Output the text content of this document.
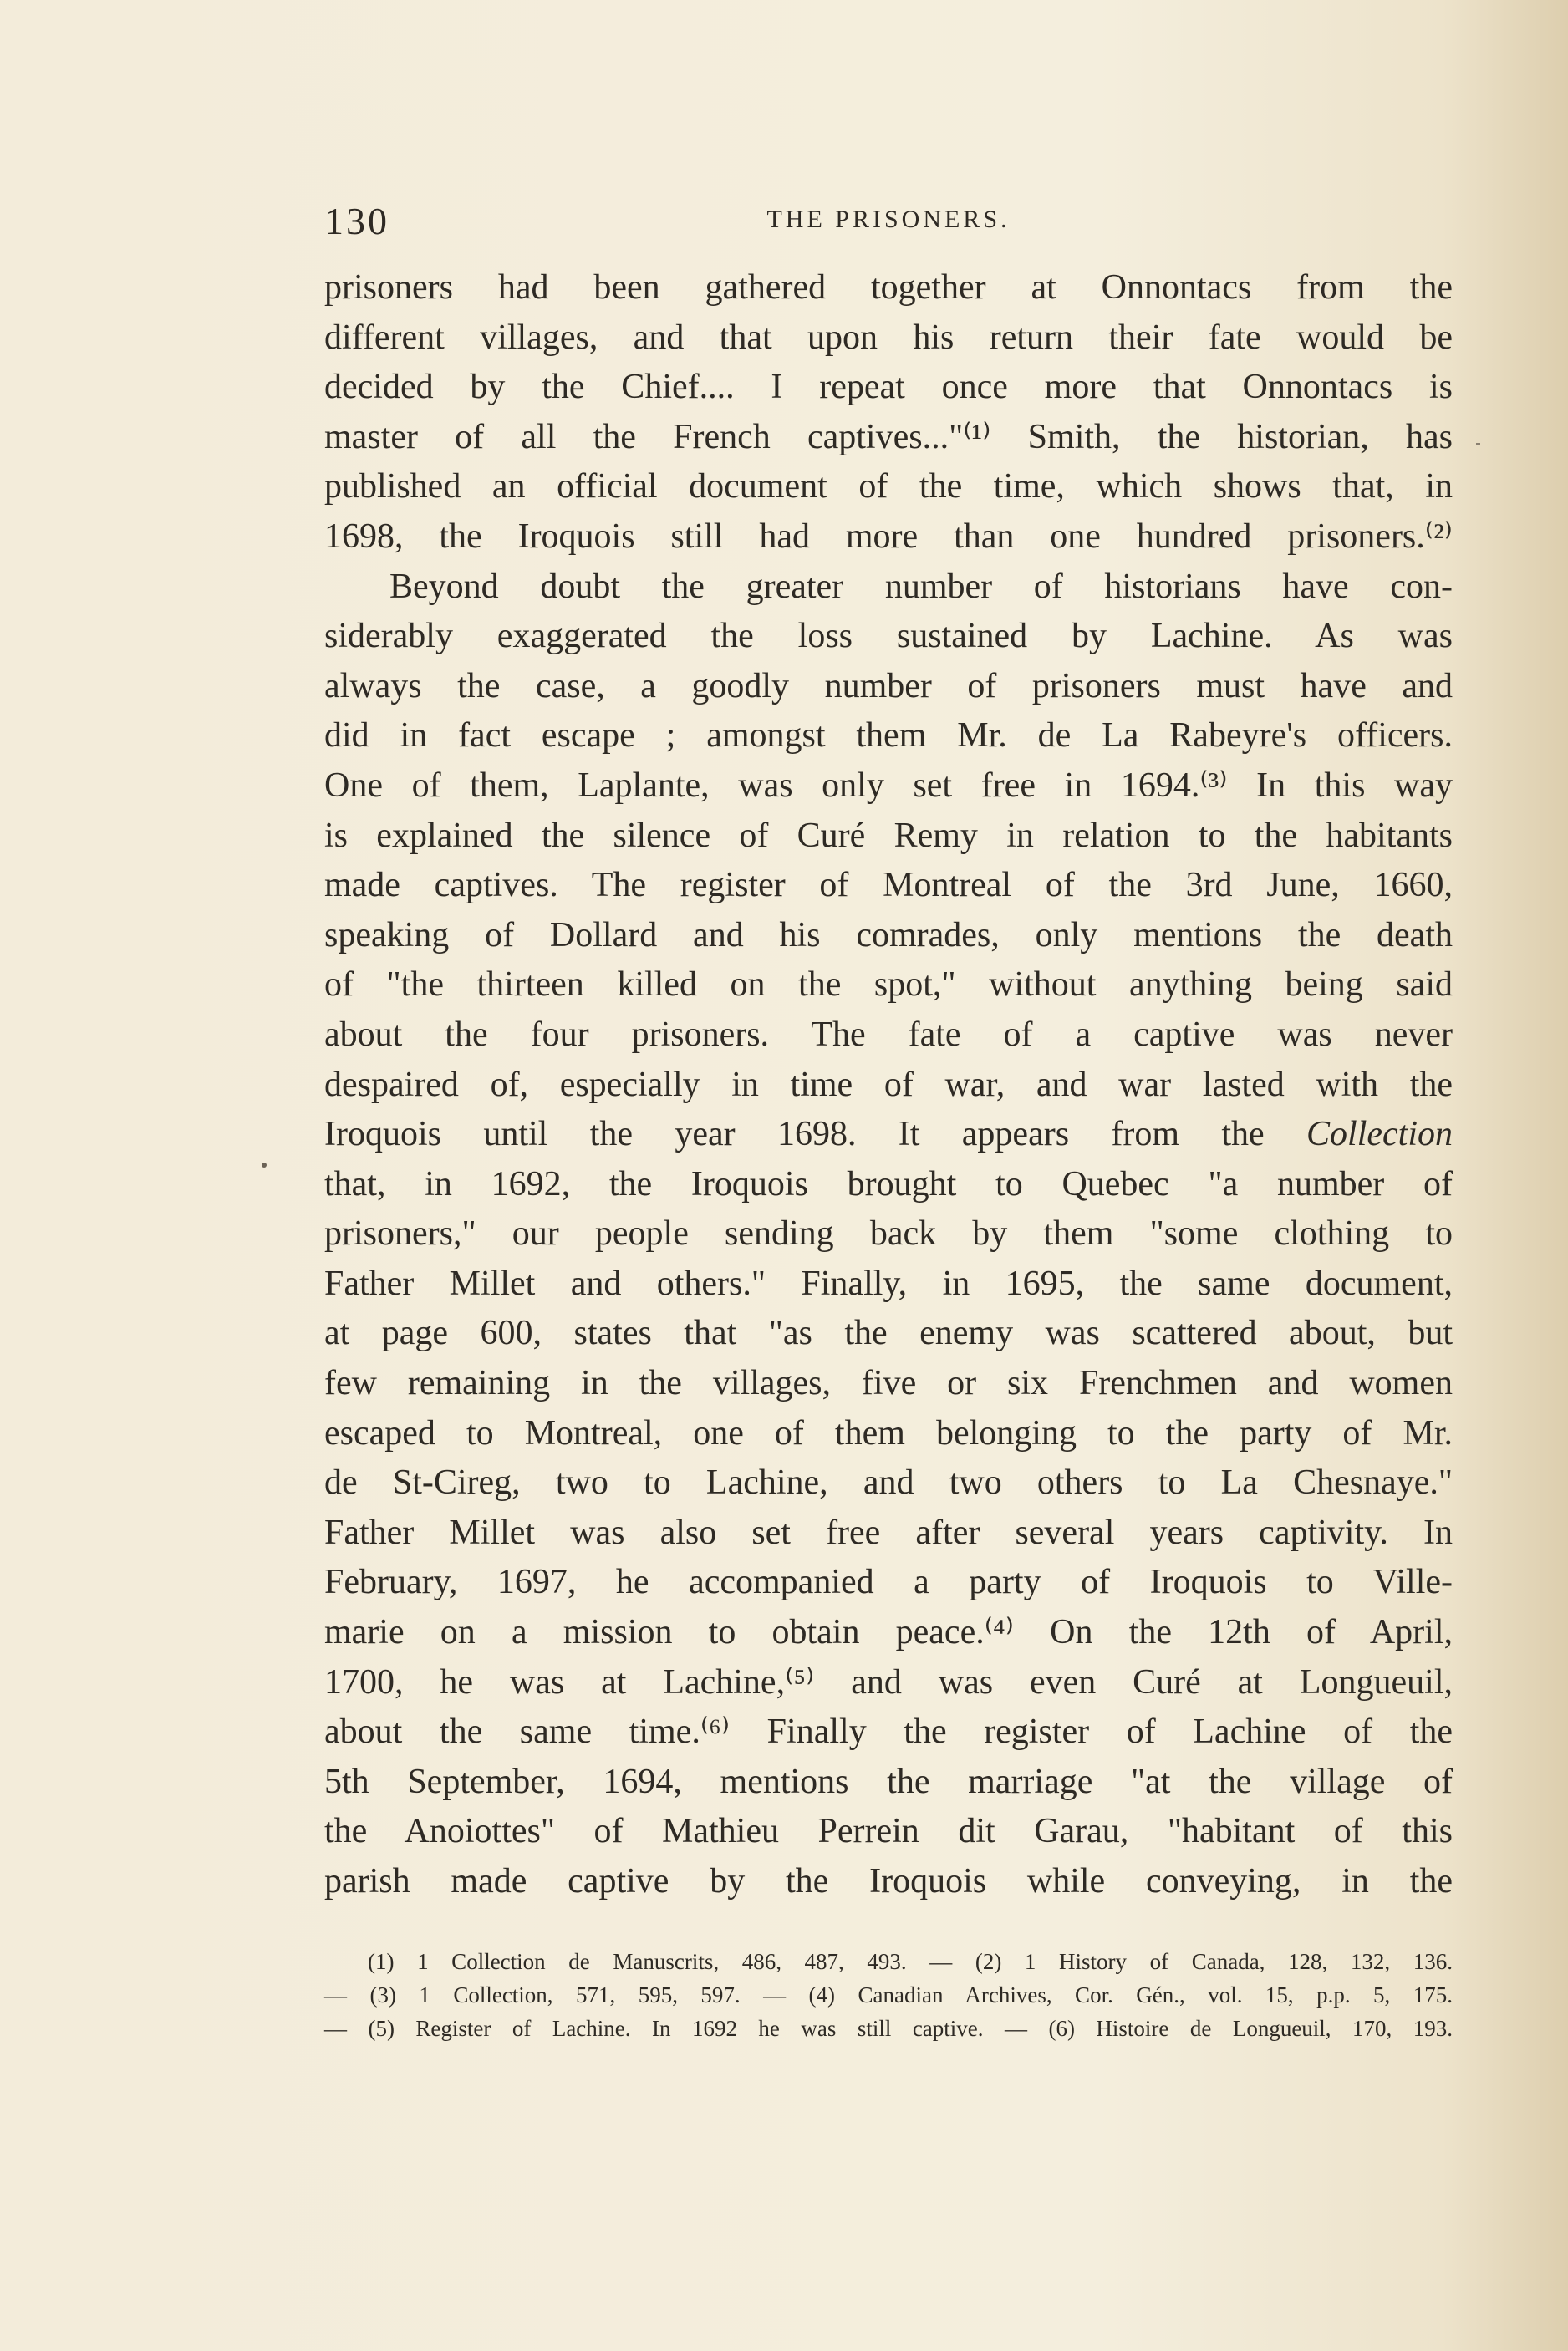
130	THE PRISONERS.
prisoners had been gathered together at Onnontacs from the
different villages, and that upon his return their fate would be
decided by the Chief.... I repeat once more that Onnontacs is
master of all the French captives..."⁽¹⁾ Smith, the historian, has
published an official document of the time, which shows that, in
1698, the Iroquois still had more than one hundred prisoners.⁽²⁾
Beyond doubt the greater number of historians have con-
siderably exaggerated the loss sustained by Lachine. As was
always the case, a goodly number of prisoners must have and
did in fact escape ; amongst them Mr. de La Rabeyre's officers.
One of them, Laplante, was only set free in 1694.⁽³⁾ In this way
is explained the silence of Curé Remy in relation to the habitants
made captives. The register of Montreal of the 3rd June, 1660,
speaking of Dollard and his comrades, only mentions the death
of "the thirteen killed on the spot," without anything being said
about the four prisoners. The fate of a captive was never
despaired of, especially in time of war, and war lasted with the
Iroquois until the year 1698. It appears from the Collection
that, in 1692, the Iroquois brought to Quebec "a number of
prisoners," our people sending back by them "some clothing to
Father Millet and others." Finally, in 1695, the same document,
at page 600, states that "as the enemy was scattered about, but
few remaining in the villages, five or six Frenchmen and women
escaped to Montreal, one of them belonging to the party of Mr.
de St-Cireg, two to Lachine, and two others to La Chesnaye."
Father Millet was also set free after several years captivity. In
February, 1697, he accompanied a party of Iroquois to Ville-
marie on a mission to obtain peace.⁽⁴⁾ On the 12th of April,
1700, he was at Lachine,⁽⁵⁾ and was even Curé at Longueuil,
about the same time.⁽⁶⁾ Finally the register of Lachine of the
5th September, 1694, mentions the marriage "at the village of
the Anoiottes" of Mathieu Perrein dit Garau, "habitant of this
parish made captive by the Iroquois while conveying, in the
(1) 1 Collection de Manuscrits, 486, 487, 493. — (2) 1 History of Canada, 128, 132, 136.
— (3) 1 Collection, 571, 595, 597. — (4) Canadian Archives, Cor. Gén., vol. 15, p.p. 5, 175.
— (5) Register of Lachine. In 1692 he was still captive. — (6) Histoire de Longueuil, 170, 193.
